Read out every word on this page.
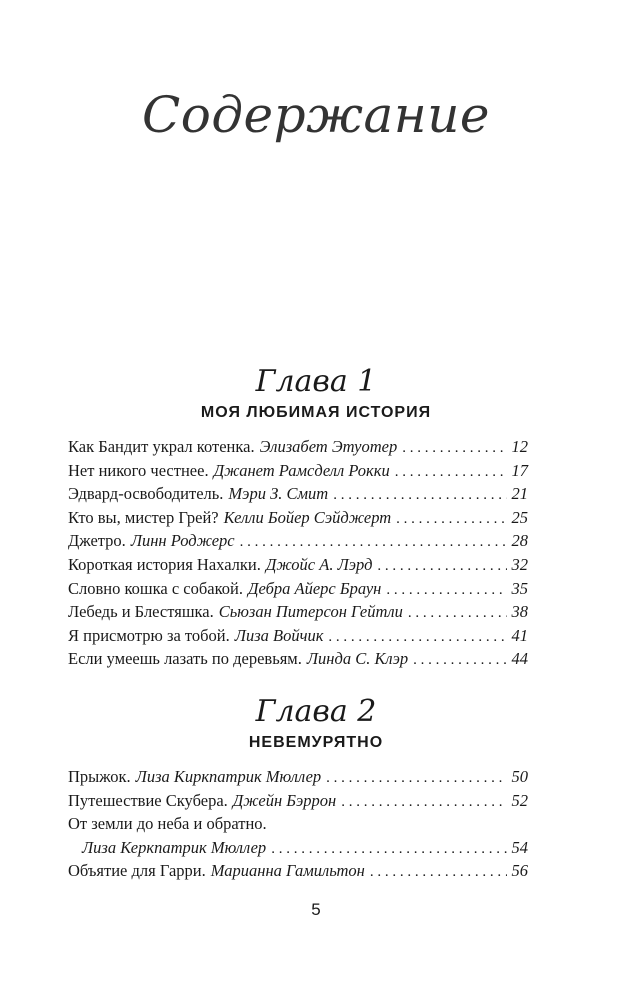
Содержание
Глава 1
МОЯ ЛЮБИМАЯ ИСТОРИЯ
Как Бандит украл котенка. Элизабет Этуотер . . .	12
Нет никого честнее. Джанет Рамсделл Рокки . . .	17
Эдвард-освободитель. Мэри З. Смит . . .	21
Кто вы, мистер Грей? Келли Бойер Сэйджерт . . .	25
Джетро. Линн Роджерс . . .	28
Короткая история Нахалки. Джойс А. Лэрд . . .	32
Словно кошка с собакой. Дебра Айерс Браун . . .	35
Лебедь и Блестяшка. Сьюзан Питерсон Гейтли . . .	38
Я присмотрю за тобой. Лиза Войчик . . .	41
Если умеешь лазать по деревьям. Линда С. Клэр . . .	44
Глава 2
НЕВЕМУРЯТНО
Прыжок. Лиза Киркпатрик Мюллер . . .	50
Путешествие Скубера. Джейн Бэррон . . .	52
От земли до неба и обратно.
Лиза Керкпатрик Мюллер . . .	54
Объятие для Гарри. Марианна Гамильтон . . .	56
5
